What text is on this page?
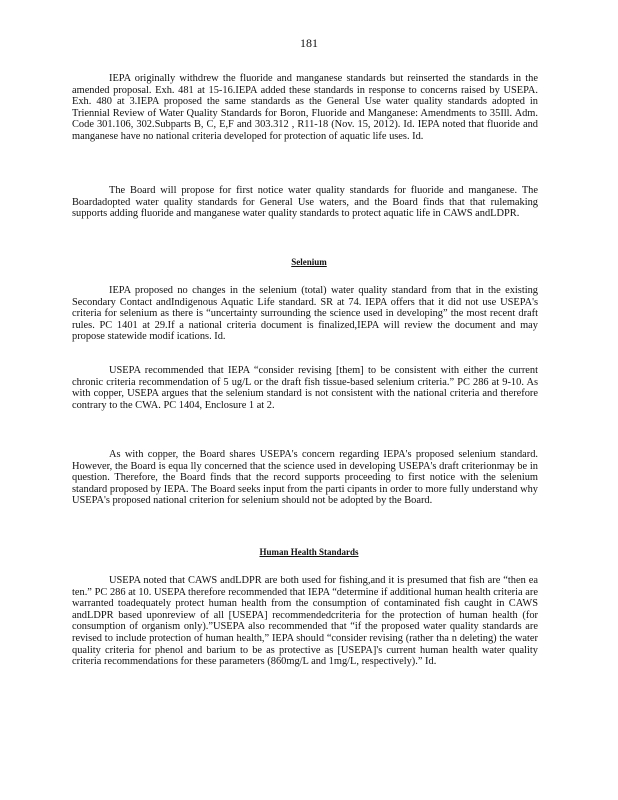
181

IEPA originally withdrew the fluoride and manganese standards but reinserted the standards in the amended proposal. Exh. 481 at 15-16.IEPA added these standards in response to concerns raised by USEPA. Exh. 480 at 3.IEPA proposed the same standards as the General Use water quality standards adopted in Triennial Review of Water Quality Standards for Boron, Fluoride and Manganese: Amendments to 35Ill. Adm. Code 301.106, 302.Subparts B, C, E,F and 303.312 , R11-18 (Nov. 15, 2012). Id. IEPA noted that fluoride and manganese have no national criteria developed for protection of aquatic life uses. Id.

The Board will propose for first notice water quality standards for fluoride and manganese. The Boardadopted water quality standards for General Use waters, and the Board finds that that rulemaking supports adding fluoride and manganese water quality standards to protect aquatic life in CAWS andLDPR.

Selenium

IEPA proposed no changes in the selenium (total) water quality standard from that in the existing Secondary Contact andIndigenous Aquatic Life standard. SR at 74. IEPA offers that it did not use USEPA's criteria for selenium as there is “uncertainty surrounding the science used in developing” the most recent draft rules. PC 1401 at 29.If a national criteria document is finalized,IEPA will review the document and may propose statewide modif ications. Id.

USEPA recommended that IEPA “consider revising [them] to be consistent with either the current chronic criteria recommendation of 5 ug/L or the draft fish tissue-based selenium criteria.” PC 286 at 9-10. As with copper, USEPA argues that the selenium standard is not consistent with the national criteria and therefore contrary to the CWA. PC 1404, Enclosure 1 at 2.

As with copper, the Board shares USEPA's concern regarding IEPA's proposed selenium standard. However, the Board is equa lly concerned that the science used in developing USEPA's draft criterionmay be in question. Therefore, the Board finds that the record supports proceeding to first notice with the selenium standard proposed by IEPA. The Board seeks input from the parti cipants in order to more fully understand why USEPA's proposed national criterion for selenium should not be adopted by the Board.

Human Health Standards

USEPA noted that CAWS andLDPR are both used for fishing,and it is presumed that fish are “then ea ten.” PC 286 at 10. USEPA therefore recommended that IEPA “determine if additional human health criteria are warranted toadequately protect human health from the consumption of contaminated fish caught in CAWS andLDPR based uponreview of all [USEPA] recommendedcriteria for the protection of human health (for consumption of organism only).”USEPA also recommended that “if the proposed water quality standards are revised to include protection of human health,” IEPA should “consider revising (rather tha n deleting) the water quality criteria for phenol and barium to be as protective as [USEPA]'s current human health water quality criteria recommendations for these parameters (860mg/L and 1mg/L, respectively).” Id.
